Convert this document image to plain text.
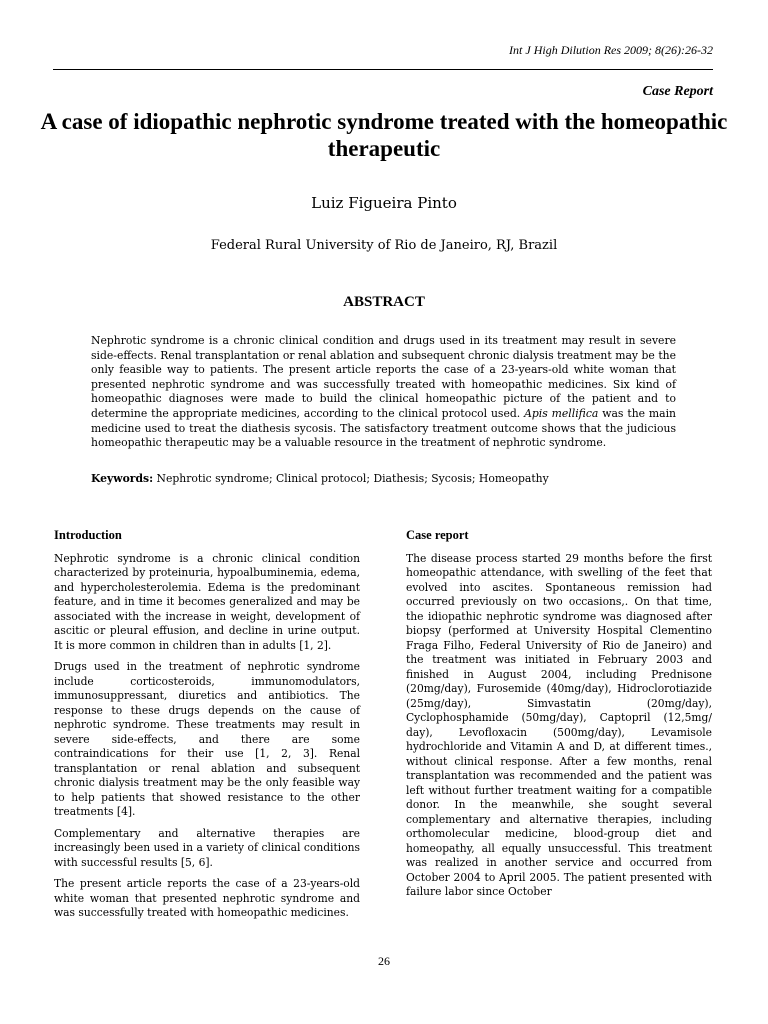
Int J High Dilution Res 2009; 8(26):26-32
Case Report
A case of idiopathic nephrotic syndrome treated with the homeopathic therapeutic
Luiz Figueira Pinto
Federal Rural University of Rio de Janeiro, RJ, Brazil
ABSTRACT

Nephrotic syndrome is a chronic clinical condition and drugs used in its treatment may result in severe side-effects. Renal transplantation or renal ablation and subsequent chronic dialysis treatment may be the only feasible way to patients. The present article reports the case of a 23-years-old white woman that presented nephrotic syndrome and was successfully treated with homeopathic medicines. Six kind of homeopathic diagnoses were made to build the clinical homeopathic picture of the patient and to determine the appropriate medicines, according to the clinical protocol used. Apis mellifica was the main medicine used to treat the diathesis sycosis. The satisfactory treatment outcome shows that the judicious homeopathic therapeutic may be a valuable resource in the treatment of nephrotic syndrome.

Keywords: Nephrotic syndrome; Clinical protocol; Diathesis; Sycosis; Homeopathy

Introduction

Nephrotic syndrome is a chronic clinical condition characterized by proteinuria, hypoalbuminemia, edema, and hypercholesterolemia. Edema is the predominant feature, and in time it becomes generalized and may be associated with the increase in weight, development of ascitic or pleural effusion, and decline in urine output. It is more common in children than in adults [1, 2].

Drugs used in the treatment of nephrotic syndrome include corticosteroids, immunomodulators, immunosuppressant, diuretics and antibiotics. The response to these drugs depends on the cause of nephrotic syndrome. These treatments may result in severe side-effects, and there are some contraindications for their use [1, 2, 3]. Renal transplantation or renal ablation and subsequent chronic dialysis treatment may be the only feasible way to help patients that showed resistance to the other treatments [4].

Complementary and alternative therapies are increasingly been used in a variety of clinical conditions with successful results [5, 6].

The present article reports the case of a 23-years-old white woman that presented nephrotic syndrome and was successfully treated with homeopathic medicines.

Case report

The disease process started 29 months before the first homeopathic attendance, with swelling of the feet that evolved into ascites. Spontaneous remission had occurred previously on two occasions,. On that time, the idiopathic nephrotic syndrome was diagnosed after biopsy (performed at University Hospital Clementino Fraga Filho, Federal University of Rio de Janeiro) and the treatment was initiated in February 2003 and finished in August 2004, including Prednisone (20mg/day), Furosemide (40mg/day), Hidroclorotiazide (25mg/day), Simvastatin (20mg/day), Cyclophosphamide (50mg/day), Captopril (12,5mg/ day), Levofloxacin (500mg/day), Levamisole hydrochloride and Vitamin A and D, at different times., without clinical response. After a few months, renal transplantation was recommended and the patient was left without further treatment waiting for a compatible donor. In the meanwhile, she sought several complementary and alternative therapies, including orthomolecular medicine, blood-group diet and homeopathy, all equally unsuccessful. This treatment was realized in another service and occurred from October 2004 to April 2005. The patient presented with failure labor since October

26
